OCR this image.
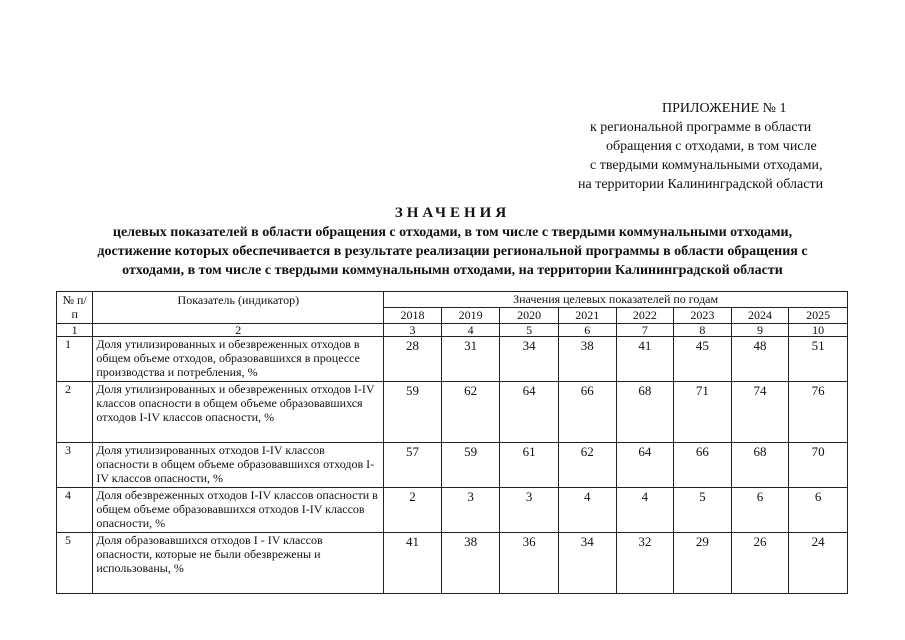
ПРИЛОЖЕНИЕ № 1
к региональной программе в области
обращения с отходами, в том числе
с твердыми коммунальными отходами,
на территории Калининградской области
ЗНАЧЕНИЯ
целевых показателей в области обращения с отходами, в том числе с твердыми коммунальными отходами,
достижение которых обеспечивается в результате реализации региональной программы в области обращения с
отходами, в том числе с твердыми коммунальнымн отходами, на территории Калининградской области
№ п/п	Показатель (индикатор)	Значения целевых показателей по годам							
		2018	2019	2020	2021	2022	2023	2024	2025
1	2	3	4	5	6	7	8	9	10
1	Доля утилизированных и обезвреженных отходов в общем объеме отходов, образовавшихся в процессе производства и потребления, %	28	31	34	38	41	45	48	51
2	Доля утилизированных и обезвреженных отходов I-IV классов опасности в общем объеме образовавшихся отходов I-IV классов опасности, %	59	62	64	66	68	71	74	76
3	Доля утилизированных отходов I-IV классов опасности в общем объеме образовавшихся отходов I-IV классов опасности, %	57	59	61	62	64	66	68	70
4	Доля обезвреженных отходов I-IV классов опасности в общем объеме образовавшихся отходов I-IV классов опасности, %	2	3	3	4	4	5	6	6
5	Доля образовавшихся отходов I - IV классов опасности, которые не были обезврежены и использованы, %	41	38	36	34	32	29	26	24
